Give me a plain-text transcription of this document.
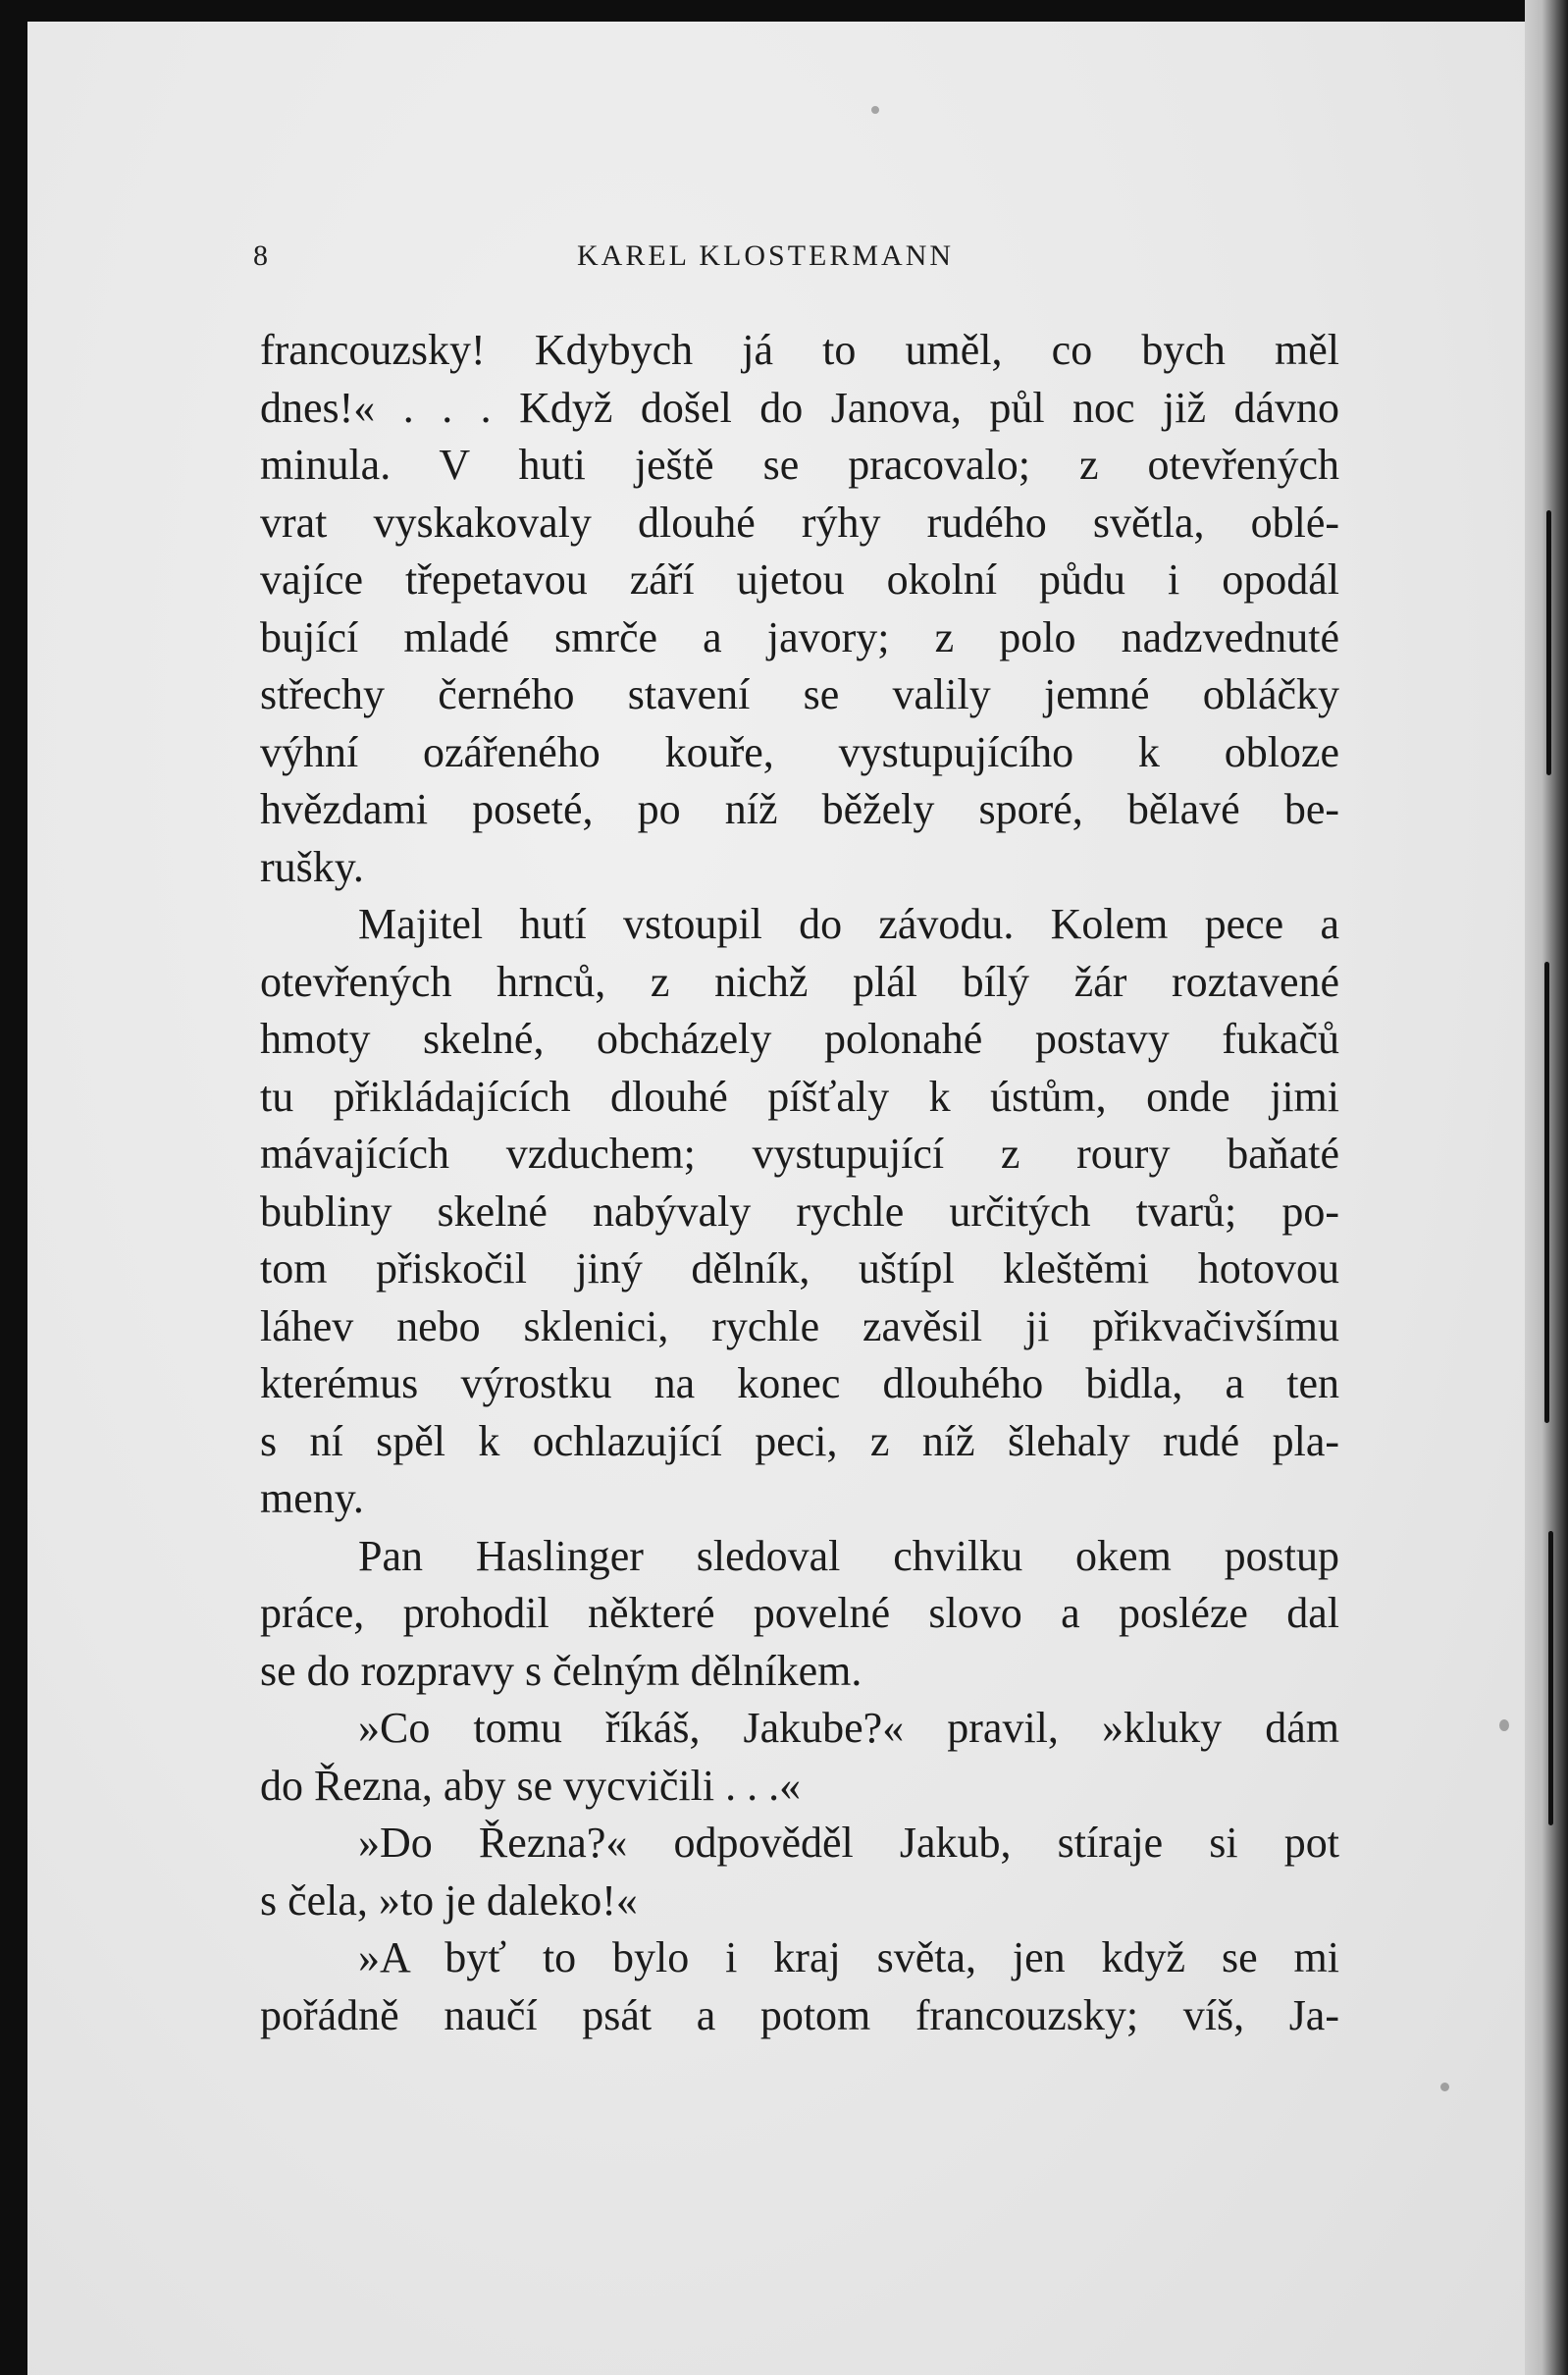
8	KAREL KLOSTERMANN
francouzsky! Kdybych já to uměl, co bych měl
dnes!« . . . Když došel do Janova, půl noc již dávno
minula. V huti ještě se pracovalo; z otevřených
vrat vyskakovaly dlouhé rýhy rudého světla, oblé-
vajíce třepetavou září ujetou okolní půdu i opodál
bující mladé smrče a javory; z polo nadzvednuté
střechy černého stavení se valily jemné obláčky
výhní ozářeného kouře, vystupujícího k obloze
hvězdami poseté, po níž běžely sporé, bělavé be-
rušky.
Majitel hutí vstoupil do závodu. Kolem pece a
otevřených hrnců, z nichž plál bílý žár roztavené
hmoty skelné, obcházely polonahé postavy fukačů
tu přikládajících dlouhé píšťaly k ústům, onde jimi
mávajících vzduchem; vystupující z roury baňaté
bubliny skelné nabývaly rychle určitých tvarů; po-
tom přiskočil jiný dělník, uštípl kleštěmi hotovou
láhev nebo sklenici, rychle zavěsil ji přikvačivšímu
kterémus výrostku na konec dlouhého bidla, a ten
s ní spěl k ochlazující peci, z níž šlehaly rudé pla-
meny.
Pan Haslinger sledoval chvilku okem postup
práce, prohodil některé povelné slovo a posléze dal
se do rozpravy s čelným dělníkem.
»Co tomu říkáš, Jakube?« pravil, »kluky dám
do Řezna, aby se vycvičili . . .«
»Do Řezna?« odpověděl Jakub, stíraje si pot
s čela, »to je daleko!«
»A byť to bylo i kraj světa, jen když se mi
pořádně naučí psát a potom francouzsky; víš, Ja-
